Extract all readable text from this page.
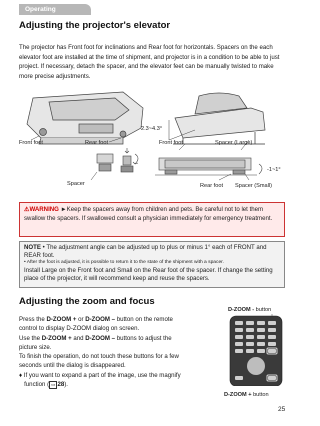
Operating
Adjusting the projector's elevator
The projector has Front foot for inclinations and Rear foot for horizontals. Spacers on the each elevator foot are installed at the time of shipment, and projector is in a condition to be able to just project. If necessary, detach the spacer, and the elevator feet can be manually twisted to make more precise adjustments.
Front foot	Rear foot
Spacer
2.3~4.3°
Front foot	Spacer (Large)
Rear foot Spacer (Small)
-1~1°
⚠WARNING ►Keep the spacers away from children and pets. Be careful not to let them swallow the spacers. If swallowed consult a physician immediately for emergency treatment.
NOTE • The adjustment angle can be adjusted up to plus or minus 1° each of FRONT and REAR foot.
• After the foot is adjusted, it is possible to return it to the state of the shipment with a spacer.
Install Large on the Front foot and Small on the Rear foot of the spacer. If change the setting place of the projector, it will recommend keep and reuse the spacers.
Adjusting the zoom and focus
Press the D-ZOOM + or D-ZOOM – button on the remote
control to display D-ZOOM dialog on screen.
Use the D-ZOOM + and D-ZOOM – buttons to adjust the
picture size.
To finish the operation, do not touch these buttons for a few
seconds until the dialog is disappeared.
♦ If you want to expand a part of the image, use the magnify
function ( ▭ 28).
D-ZOOM - button
D-ZOOM + button
25
